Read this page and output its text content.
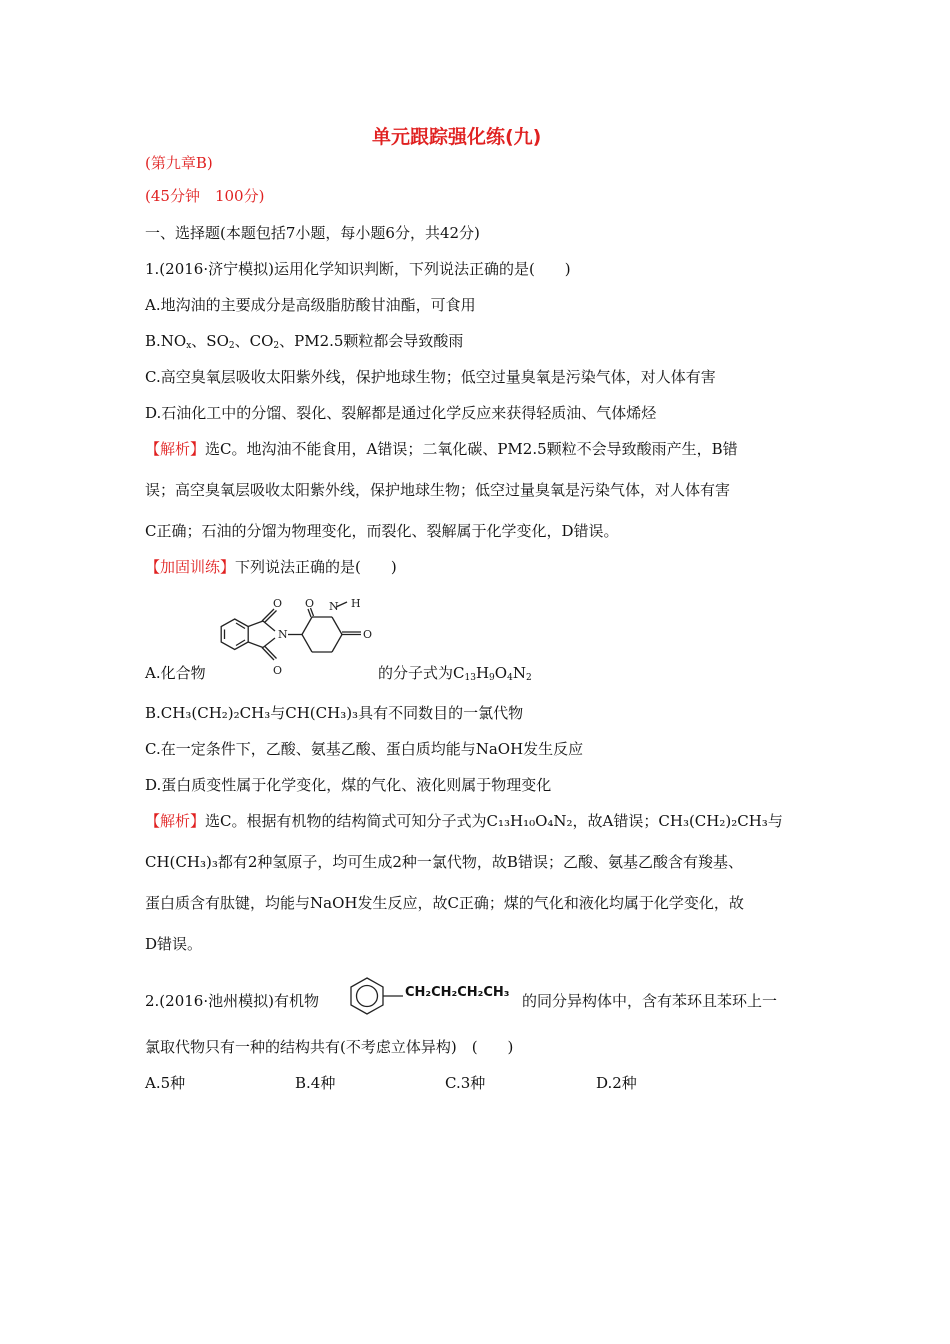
单元跟踪强化练(九)
(第九章B)
(45分钟　100分)
一、选择题(本题包括7小题，每小题6分，共42分)
1.(2016·济宁模拟)运用化学知识判断，下列说法正确的是(　　)
A.地沟油的主要成分是高级脂肪酸甘油酯，可食用
$B.NO_x$、$SO_2$、$CO_2$、PM2.5颗粒都会导致酸雨
C.高空臭氧层吸收太阳紫外线，保护地球生物；低空过量臭氧是污染气体，对人体有害
D.石油化工中的分馏、裂化、裂解都是通过化学反应来获得轻质油、气体烯烃
【解析】选C。地沟油不能食用，A错误；二氧化碳、PM2.5颗粒不会导致酸雨产生，B错
误；高空臭氧层吸收太阳紫外线，保护地球生物；低空过量臭氧是污染气体，对人体有害
C正确；石油的分馏为物理变化，而裂化、裂解属于化学变化，D错误。
【加固训练】下列说法正确的是(　　)
O
O
N
O N H
O
A.化合物	的分子式为$C_{13}H_9O_4N_2$
B.CH₃(CH₂)₂CH₃与CH(CH₃)₃具有不同数目的一氯代物
C.在一定条件下，乙酸、氨基乙酸、蛋白质均能与NaOH发生反应
D.蛋白质变性属于化学变化，煤的气化、液化则属于物理变化
【解析】选C。根据有机物的结构简式可知分子式为C₁₃H₁₀O₄N₂，故A错误；CH₃(CH₂)₂CH₃与
CH(CH₃)₃都有2种氢原子，均可生成2种一氯代物，故B错误；乙酸、氨基乙酸含有羧基、
蛋白质含有肽键，均能与NaOH发生反应，故C正确；煤的气化和液化均属于化学变化，故
D错误。
2.(2016·池州模拟)有机物	CH₂CH₂CH₂CH₃ 的同分异构体中，含有苯环且苯环上一
氯取代物只有一种的结构共有(不考虑立体异构)　(　　)
A.5种	B.4种	C.3种	D.2种
